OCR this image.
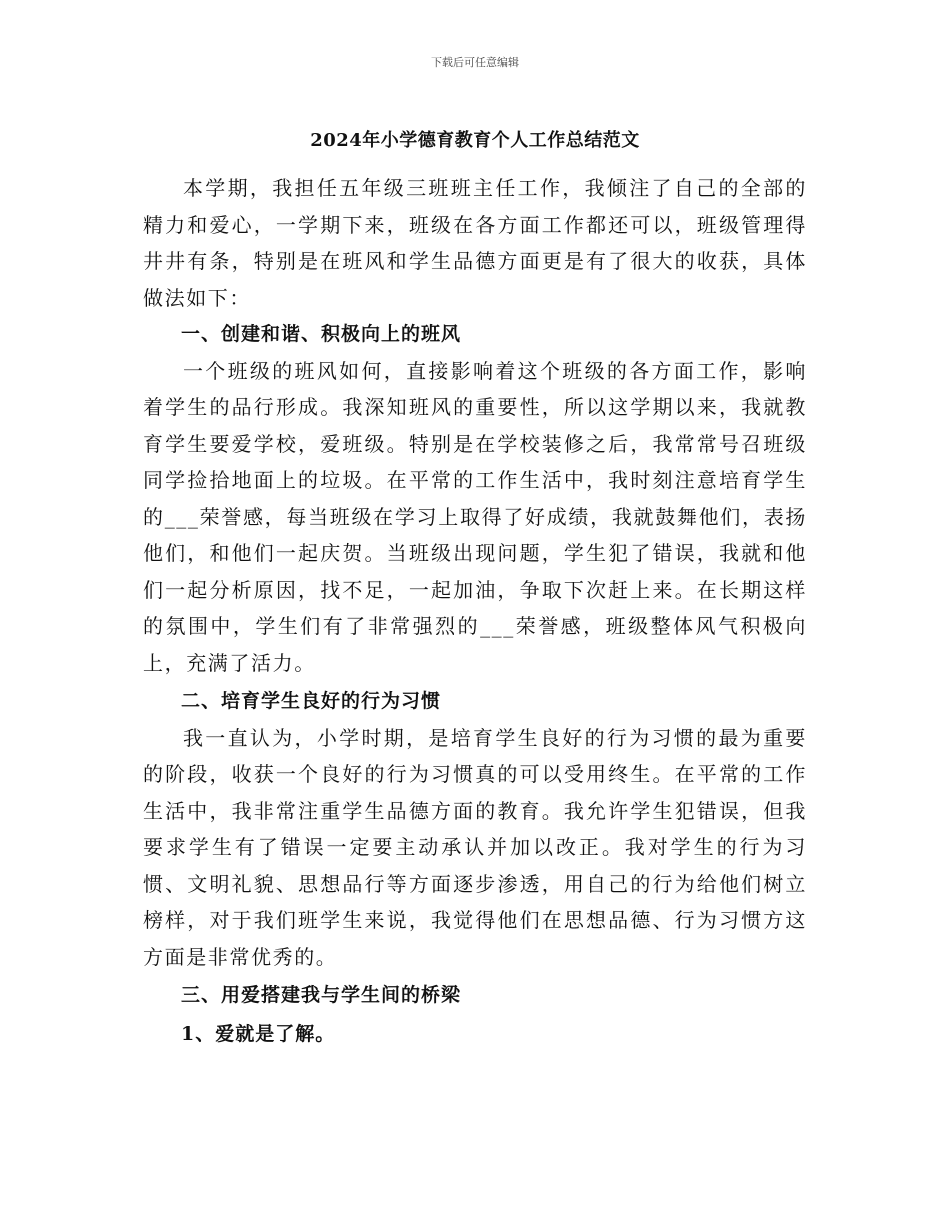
下载后可任意编辑
2024年小学德育教育个人工作总结范文

本学期，我担任五年级三班班主任工作，我倾注了自己的全部的精力和爱心，一学期下来，班级在各方面工作都还可以，班级管理得井井有条，特别是在班风和学生品德方面更是有了很大的收获，具体做法如下：

一、创建和谐、积极向上的班风

一个班级的班风如何，直接影响着这个班级的各方面工作，影响着学生的品行形成。我深知班风的重要性，所以这学期以来，我就教育学生要爱学校，爱班级。特别是在学校装修之后，我常常号召班级同学捡拾地面上的垃圾。在平常的工作生活中，我时刻注意培育学生的___荣誉感，每当班级在学习上取得了好成绩，我就鼓舞他们，表扬他们，和他们一起庆贺。当班级出现问题，学生犯了错误，我就和他们一起分析原因，找不足，一起加油，争取下次赶上来。在长期这样的氛围中，学生们有了非常强烈的___荣誉感，班级整体风气积极向上，充满了活力。

二、培育学生良好的行为习惯

我一直认为，小学时期，是培育学生良好的行为习惯的最为重要的阶段，收获一个良好的行为习惯真的可以受用终生。在平常的工作生活中，我非常注重学生品德方面的教育。我允许学生犯错误，但我要求学生有了错误一定要主动承认并加以改正。我对学生的行为习惯、文明礼貌、思想品行等方面逐步渗透，用自己的行为给他们树立榜样，对于我们班学生来说，我觉得他们在思想品德、行为习惯方这方面是非常优秀的。

三、用爱搭建我与学生间的桥梁

1、爱就是了解。
